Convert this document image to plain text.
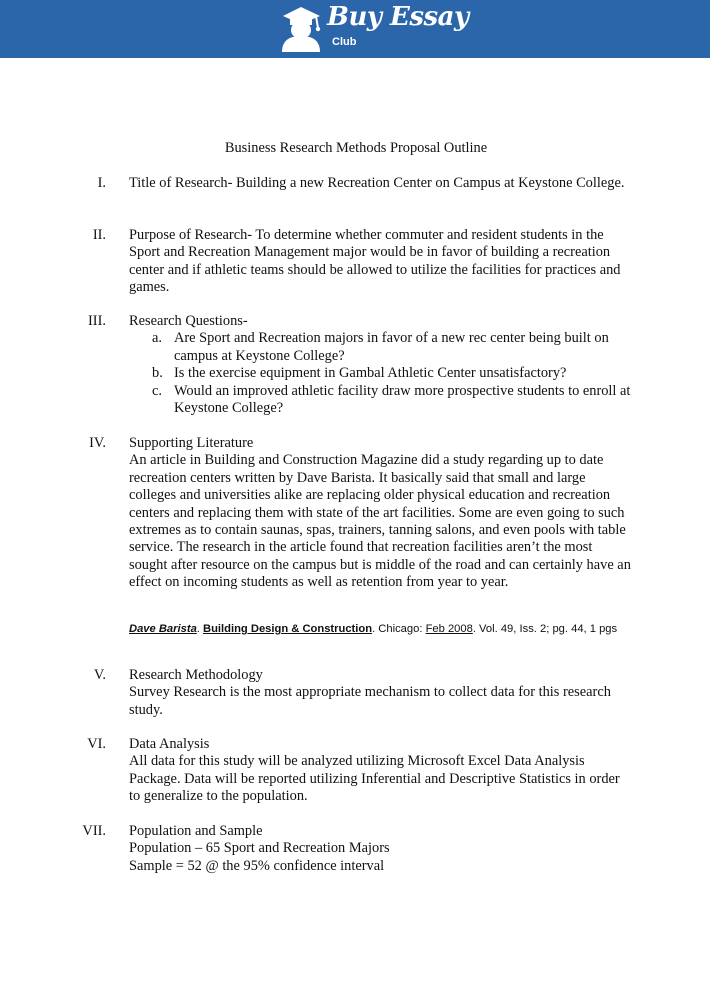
Buy Essay
Club
Business Research Methods Proposal Outline
I. Title of Research- Building a new Recreation Center on Campus at Keystone College.

II. Purpose of Research- To determine whether commuter and resident students in the Sport and Recreation Management major would be in favor of building a recreation center and if athletic teams should be allowed to utilize the facilities for practices and games.

III. Research Questions-

a. Are Sport and Recreation majors in favor of a new rec center being built on campus at Keystone College?
b. Is the exercise equipment in Gambal Athletic Center unsatisfactory?
c. Would an improved athletic facility draw more prospective students to enroll at Keystone College?
IV. Supporting Literature

An article in Building and Construction Magazine did a study regarding up to date recreation centers written by Dave Barista. It basically said that small and large colleges and universities alike are replacing older physical education and recreation centers and replacing them with state of the art facilities. Some are even going to such extremes as to contain saunas, spas, trainers, tanning salons, and even pools with table service. The research in the article found that recreation facilities aren’t the most sought after resource on the campus but is middle of the road and can certainly have an effect on incoming students as well as retention from year to year.

Dave Barista. Building Design & Construction. Chicago: Feb 2008. Vol. 49, Iss. 2; pg. 44, 1 pgs
V. Research Methodology

Survey Research is the most appropriate mechanism to collect data for this research study.

VI. Data Analysis

All data for this study will be analyzed utilizing Microsoft Excel Data Analysis Package. Data will be reported utilizing Inferential and Descriptive Statistics in order to generalize to the population.

VII. Population and Sample

Population – 65 Sport and Recreation Majors

Sample = 52 @ the 95% confidence interval
